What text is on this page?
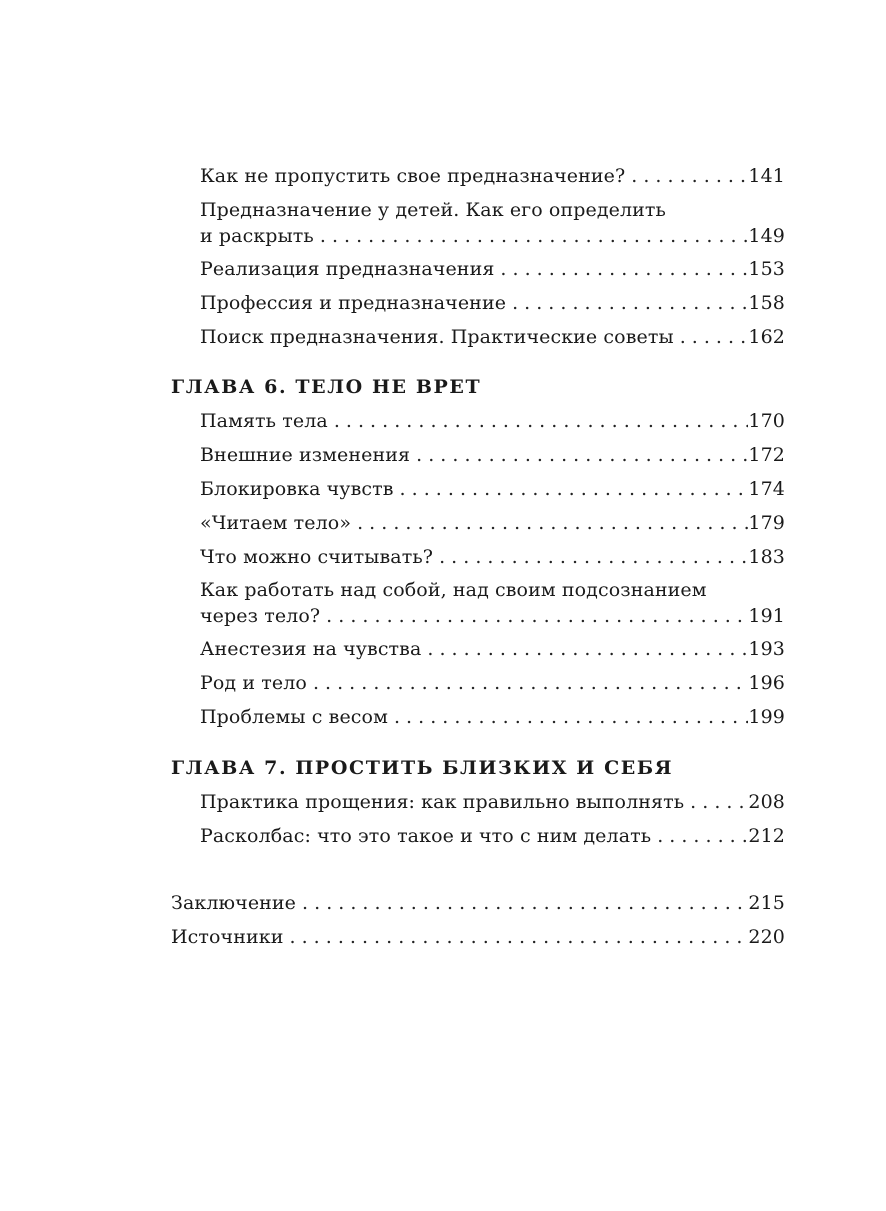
Как не пропустить свое предназначение? . . .	141
Предназначение у детей. Как его определить
и раскрыть . . .	149
Реализация предназначения . . .	153
Профессия и предназначение . . .	158
Поиск предназначения. Практические советы . . .	162
ГЛАВА 6. ТЕЛО НЕ ВРЕТ
Память тела . . .	170
Внешние изменения . . .	172
Блокировка чувств . . .	174
«Читаем тело» . . .	179
Что можно считывать? . . .	183
Как работать над собой, над своим подсознанием
через тело? . . .	191
Анестезия на чувства . . .	193
Род и тело . . .	196
Проблемы с весом . . .	199
ГЛАВА 7. ПРОСТИТЬ БЛИЗКИХ И СЕБЯ
Практика прощения: как правильно выполнять . . .	208
Расколбас: что это такое и что с ним делать . . .	212
Заключение . . .	215
Источники . . .	220
